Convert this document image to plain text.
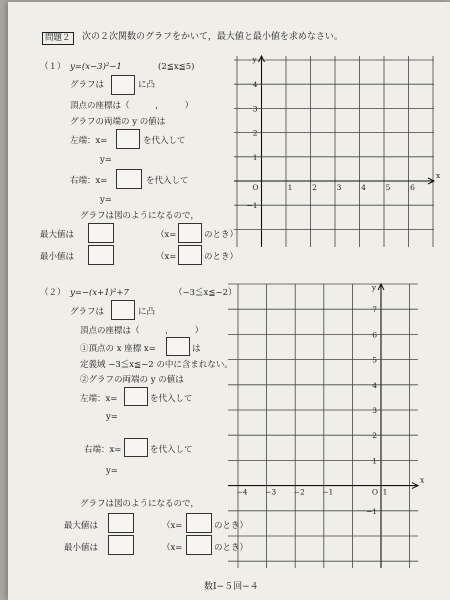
問題２	次の２次関数のグラフをかいて，最大値と最小値を求めなさい。
（１） y=(x−3)²−1	(2≦x≦5)
グラフは	に凸
頂点の座標は（　　　，　　　）
グラフの両端の y の値は
左端：x=	を代入して
y=
右端：x=	を代入して
y=
グラフは図のようになるので，
最大値は	（x=	のとき）
最小値は	（x=	のとき）
y
x
O	1	2	3	4	5	6
4
3
2
1
−1
（２） y=−(x+1)²+7	（−3≦x≦−2）
グラフは	に凸
頂点の座標は（　　　，　　　）
①頂点の x 座標 x=	は
定義域 −3≦x≦−2 の中に含まれない。
②グラフの両端の y の値は
左端：x=	を代入して
y=
右端：x=	を代入して
y=
グラフは図のようになるので，
最大値は	（x=	のとき）
最小値は	（x=	のとき）
y
x
O
−4 −3 −2 −1	1
7
6
5
4
3
2
1
−1
数Ⅰ−５回−４
